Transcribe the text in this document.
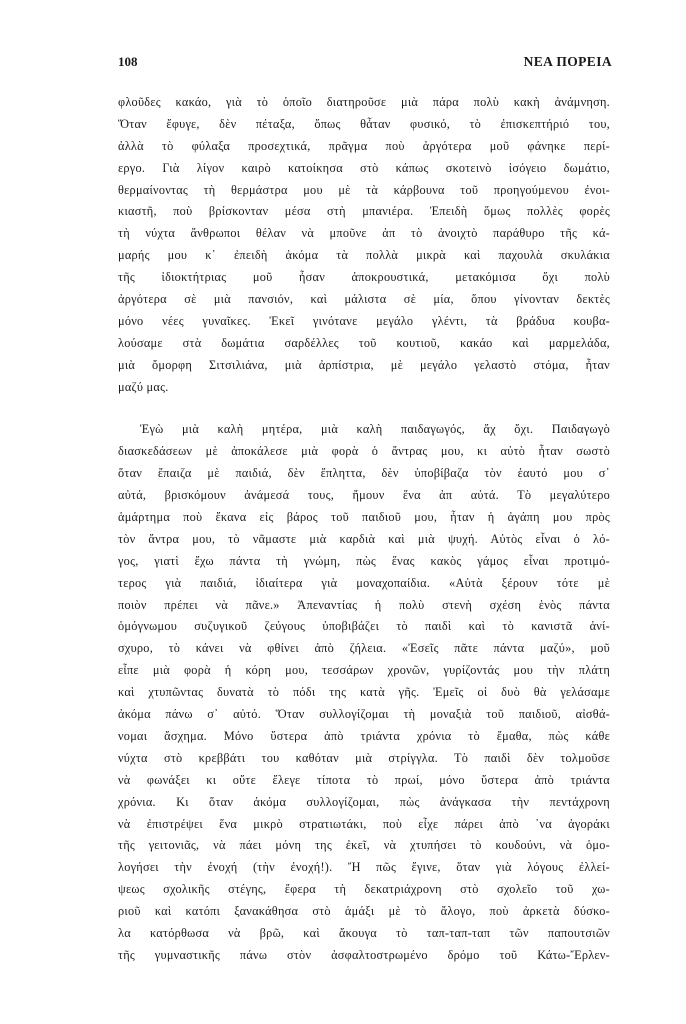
108	ΝΕΑ ΠΟΡΕΙΑ
φλοῦδες κακάο, γιὰ τὸ ὁποῖο διατηροῦσε μιὰ πάρα πολὺ κακὴ ἀνάμνηση.
Ὅταν ἔφυγε, δὲν πέταξα, ὅπως θἆταν φυσικό, τὸ ἐπισκεπτήριό του,
ἀλλὰ τὸ φύλαξα προσεχτικά, πρᾶγμα ποὺ ἀργότερα μοῦ φάνηκε περί-
εργο. Γιὰ λίγον καιρὸ κατοίκησα στὸ κάπως σκοτεινὸ ἰσόγειο δωμάτιο,
θερμαίνοντας τὴ θερμάστρα μου μὲ τὰ κάρβουνα τοῦ προηγούμενου ἐνοι-
κιαστῆ, ποὺ βρίσκονταν μέσα στὴ μπανιέρα. Ἐπειδὴ ὅμως πολλὲς φορὲς
τὴ νύχτα ἄνθρωποι θέλαν νὰ μποῦνε ἀπ τὸ ἀνοιχτὸ παράθυρο τῆς κά-
μαρής μου κ᾽ ἐπειδὴ ἀκόμα τὰ πολλὰ μικρὰ καὶ παχουλὰ σκυλάκια
τῆς ἰδιοκτήτριας μοῦ ἦσαν ἀποκρουστικά, μετακόμισα ὄχι πολὺ
ἀργότερα σὲ μιὰ πανσιόν, καὶ μάλιστα σὲ μία, ὅπου γίνονταν δεκτὲς
μόνο νέες γυναῖκες. Ἐκεῖ γινότανε μεγάλο γλέντι, τὰ βράδυα κουβα-
λούσαμε στὰ δωμάτια σαρδέλλες τοῦ κουτιοῦ, κακάο καὶ μαρμελάδα,
μιὰ ὄμορφη Σιτσιλιάνα, μιὰ ἀρπίστρια, μὲ μεγάλο γελαστὸ στόμα, ἦταν
μαζύ μας.
Ἐγὼ μιὰ καλὴ μητέρα, μιὰ καλὴ παιδαγωγός, ἄχ ὄχι. Παιδαγωγὸ
διασκεδάσεων μὲ ἀποκάλεσε μιὰ φορὰ ὁ ἄντρας μου, κι αὐτὸ ἦταν σωστὸ
ὅταν ἔπαιζα μὲ παιδιά, δὲν ἔπληττα, δὲν ὑποβίβαζα τὸν ἑαυτό μου σ᾽
αὐτά, βρισκόμουν ἀνάμεσά τους, ἤμουν ἕνα ἀπ αὐτά. Τὸ μεγαλύτερο
ἁμάρτημα ποὺ ἔκανα εἰς βάρος τοῦ παιδιοῦ μου, ἦταν ἡ ἀγάπη μου πρὸς
τὸν ἄντρα μου, τὸ νᾶμαστε μιὰ καρδιὰ καὶ μιὰ ψυχή. Αὐτὸς εἶναι ὁ λό-
γος, γιατὶ ἔχω πάντα τὴ γνώμη, πὼς ἕνας κακὸς γάμος εἶναι προτιμό-
τερος γιὰ παιδιά, ἰδιαίτερα γιὰ μοναχοπαίδια. «Αὐτὰ ξέρουν τότε μὲ
ποιὸν πρέπει νὰ πᾶνε.» Ἀπεναντίας ἡ πολὺ στενὴ σχέση ἑνὸς πάντα
ὁμόγνωμου συζυγικοῦ ζεύγους ὑποβιβάζει τὸ παιδὶ καὶ τὸ κανιστᾶ ἀνί-
σχυρο, τὸ κάνει νὰ φθίνει ἀπὸ ζήλεια. «Ἐσεῖς πᾶτε πάντα μαζύ», μοῦ
εἶπε μιὰ φορὰ ἡ κόρη μου, τεσσάρων χρονῶν, γυρίζοντάς μου τὴν πλάτη
καὶ χτυπῶντας δυνατὰ τὸ πόδι της κατὰ γῆς. Ἐμεῖς οἱ δυὸ θὰ γελάσαμε
ἀκόμα πάνω σ᾽ αὐτό. Ὅταν συλλογίζομαι τὴ μοναξιὰ τοῦ παιδιοῦ, αἰσθά-
νομαι ἄσχημα. Μόνο ὕστερα ἀπὸ τριάντα χρόνια τὸ ἔμαθα, πὼς κάθε
νύχτα στὸ κρεββάτι του καθόταν μιὰ στρίγγλα. Τὸ παιδὶ δὲν τολμοῦσε
νὰ φωνάξει κι οὔτε ἔλεγε τίποτα τὸ πρωί, μόνο ὕστερα ἀπὸ τριάντα
χρόνια. Κι ὅταν ἀκόμα συλλογίζομαι, πὼς ἀνάγκασα τὴν πεντάχρονη
νὰ ἐπιστρέψει ἕνα μικρὸ στρατιωτάκι, ποὺ εἶχε πάρει ἀπὸ ᾽να ἀγοράκι
τῆς γειτονιᾶς, νὰ πάει μόνη της ἐκεῖ, νὰ χτυπήσει τὸ κουδούνι, νὰ ὁμο-
λογήσει τὴν ἐνοχή (τὴν ἐνοχή!). Ἤ πῶς ἔγινε, ὅταν γιὰ λόγους ἐλλεί-
ψεως σχολικῆς στέγης, ἔφερα τὴ δεκατριάχρονη στὸ σχολεῖο τοῦ χω-
ριοῦ καὶ κατόπι ξανακάθησα στὸ ἁμάξι μὲ τὸ ἄλογο, ποὺ ἀρκετὰ δύσκο-
λα κατόρθωσα νὰ βρῶ, καὶ ἄκουγα τὸ ταπ-ταπ-ταπ τῶν παπουτσιῶν
τῆς γυμναστικῆς πάνω στὸν ἀσφαλτοστρωμένο δρόμο τοῦ Κάτω-Ἔρλεν-
